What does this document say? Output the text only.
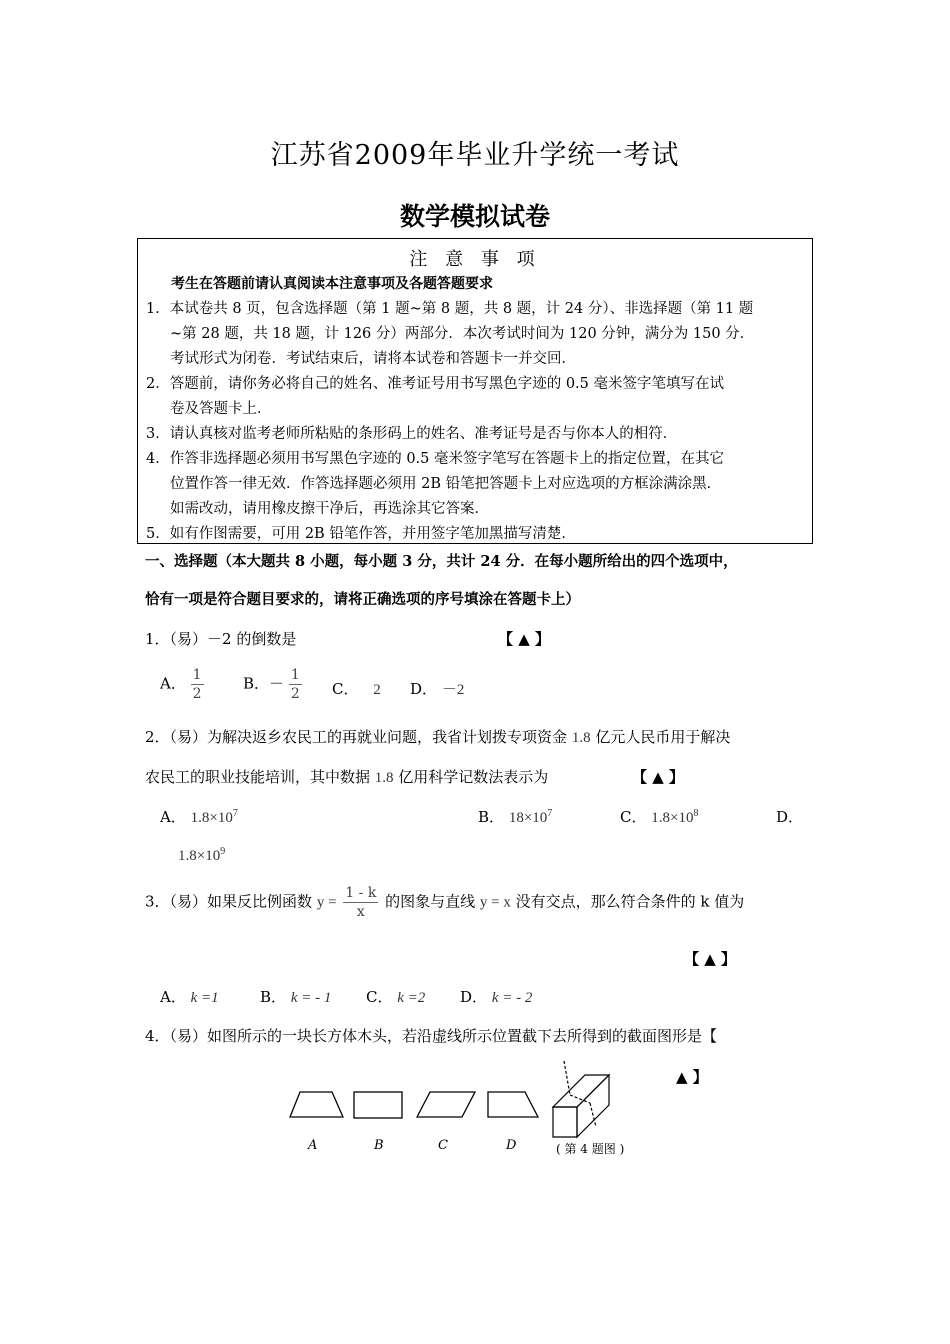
江苏省2009年毕业升学统一考试
数学模拟试卷
注 意 事 项
考生在答题前请认真阅读本注意事项及各题答题要求
1．本试卷共 8 页，包含选择题（第 1 题~第 8 题，共 8 题，计 24 分）、非选择题（第 11 题
~第 28 题，共 18 题，计 126 分）两部分．本次考试时间为 120 分钟，满分为 150 分．
考试形式为闭卷．考试结束后，请将本试卷和答题卡一并交回．
2．答题前，请你务必将自己的姓名、准考证号用书写黑色字迹的 0.5 毫米签字笔填写在试
卷及答题卡上．
3．请认真核对监考老师所粘贴的条形码上的姓名、准考证号是否与你本人的相符．
4．作答非选择题必须用书写黑色字迹的 0.5 毫米签字笔写在答题卡上的指定位置，在其它
位置作答一律无效．作答选择题必须用 2B 铅笔把答题卡上对应选项的方框涂满涂黑．
如需改动，请用橡皮擦干净后，再选涂其它答案．
5．如有作图需要，可用 2B 铅笔作答，并用签字笔加黑描写清楚．
一、选择题（本大题共 8 小题，每小题 3 分，共计 24 分．在每小题所给出的四个选项中，
恰有一项是符合题目要求的，请将正确选项的序号填涂在答题卡上）
1．（易）－2 的倒数是	【 ▲ 】
A． $\frac{1}{2}$	B．－ $\frac{1}{2}$ C． 2 D． －2
2．（易）为解决返乡农民工的再就业问题，我省计划拨专项资金 1.8 亿元人民币用于解决
农民工的职业技能培训，其中数据 1.8 亿用科学记数法表示为	【 ▲ 】
A． $1.8\times 10^7$	B． $18\times 10^7$	C． $1.8\times 10^8$	D．
$1.8\times 10^9$
3．（易）如果反比例函数 $y = \frac{1 - k}{x}$ 的图象与直线 y = x 没有交点，那么符合条件的 k 值为
【 ▲ 】
A． k =1	B． k = - 1 C． k =2 D． k = - 2
4．（易）如图所示的一块长方体木头，若沿虚线所示位置截下去所得到的截面图形是【
▲ 】
A	B	C	D	( 第 4 题图 )
